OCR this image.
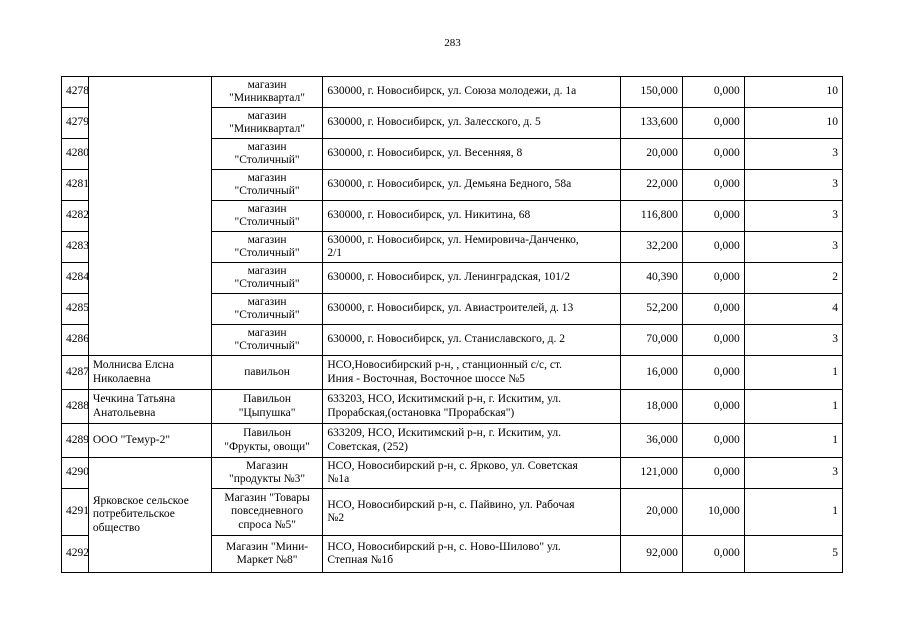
283
4278		магазин
"Миниквартал"	630000, г. Новосибирск, ул. Союза молодежи, д. 1а	150,000	0,000	10
4279		магазин
"Миниквартал"	630000, г. Новосибирск, ул. Залесского, д. 5	133,600	0,000	10
4280		магазин
"Столичный"	630000, г. Новосибирск, ул. Весенняя, 8	20,000	0,000	3
4281		магазин
"Столичный"	630000, г. Новосибирск, ул. Демьяна Бедного, 58а	22,000	0,000	3
4282		магазин
"Столичный"	630000, г. Новосибирск, ул. Никитина, 68	116,800	0,000	3
4283		магазин
"Столичный"	630000, г. Новосибирск, ул. Немировича-Данченко,
2/1	32,200	0,000	3
4284		магазин
"Столичный"	630000, г. Новосибирск, ул. Ленинградская, 101/2	40,390	0,000	2
4285		магазин
"Столичный"	630000, г. Новосибирск, ул. Авиастроителей, д. 13	52,200	0,000	4
4286		магазин
"Столичный"	630000, г. Новосибирск, ул. Станиславского, д. 2	70,000	0,000	3
4287	Молнисва Елсна
Николаевна	павильон	НСО,Новосибирский р-н, , станционный с/с, ст.
Иния - Восточная, Восточное шоссе №5	16,000	0,000	1
4288	Чечкина Татьяна
Анатольевна	Павильон
"Цыпушка"	633203, НСО, Искитимский р-н, г. Искитим, ул.
Прорабская,(остановка "Прорабская")	18,000	0,000	1
4289	ООО "Темур-2"	Павильон
"Фрукты, овощи"	633209, НСО, Искитимский р-н, г. Искитим, ул.
Советская, (252)	36,000	0,000	1
4290	Ярковское сельское
потребительское
общество	Магазин
"продукты №3"	НСО, Новосибирский р-н, с. Ярково, ул. Советская
№1а	121,000	0,000	3
4291		Магазин "Товары
повседневного
спроса №5"	НСО, Новосибирский р-н, с. Пайвино, ул. Рабочая
№2	20,000	10,000	1
4292		Магазин "Мини-
Маркет №8"	НСО, Новосибирский р-н, с. Ново-Шилово" ул.
Степная №1б	92,000	0,000	5
